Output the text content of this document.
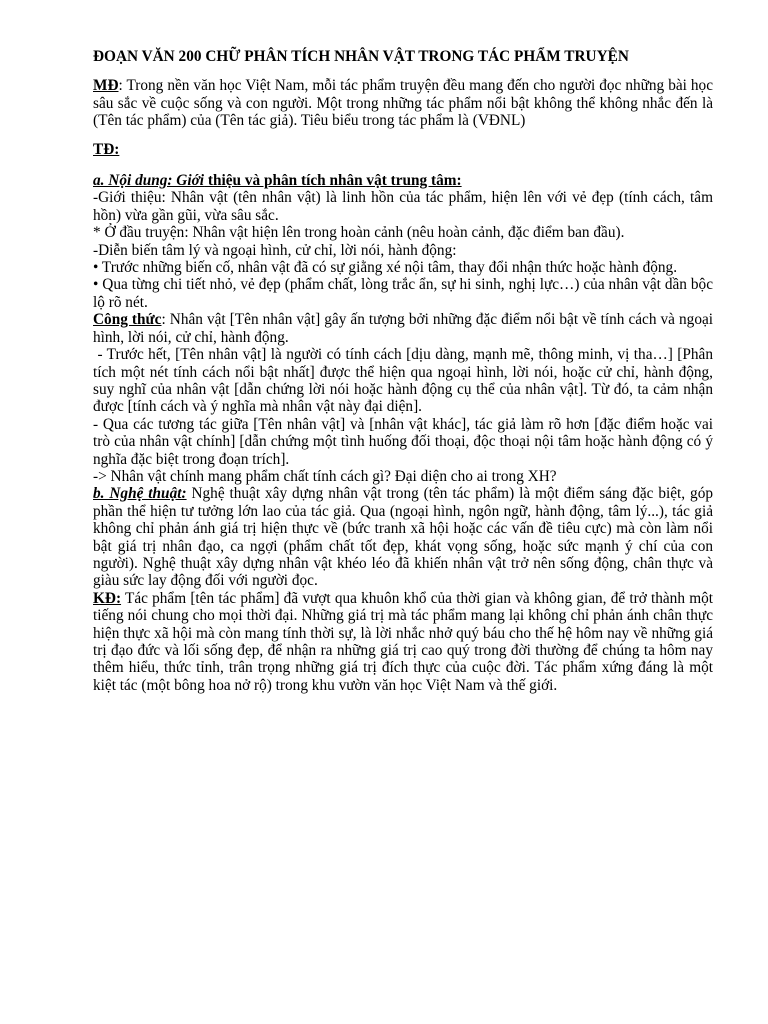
ĐOẠN VĂN 200 CHỮ PHÂN TÍCH NHÂN VẬT TRONG TÁC PHẨM TRUYỆN

MĐ: Trong nền văn học Việt Nam, mỗi tác phẩm truyện đều mang đến cho người đọc những bài học sâu sắc về cuộc sống và con người. Một trong những tác phẩm nổi bật không thể không nhắc đến là (Tên tác phẩm) của (Tên tác giả). Tiêu biểu trong tác phẩm là (VĐNL)

TĐ:

a. Nội dung: Giới thiệu và phân tích nhân vật trung tâm:

-Giới thiệu: Nhân vật (tên nhân vật) là linh hồn của tác phẩm, hiện lên với vẻ đẹp (tính cách, tâm hồn) vừa gần gũi, vừa sâu sắc.

* Ở đầu truyện: Nhân vật hiện lên trong hoàn cảnh (nêu hoàn cảnh, đặc điểm ban đầu).

-Diễn biến tâm lý và ngoại hình, cử chỉ, lời nói, hành động:

• Trước những biến cố, nhân vật đã có sự giằng xé nội tâm, thay đổi nhận thức hoặc hành động.

• Qua từng chi tiết nhỏ, vẻ đẹp (phẩm chất, lòng trắc ẩn, sự hi sinh, nghị lực…) của nhân vật dần bộc lộ rõ nét.

Công thức: Nhân vật [Tên nhân vật] gây ấn tượng bởi những đặc điểm nổi bật về tính cách và ngoại hình, lời nói, cử chỉ, hành động.

- Trước hết, [Tên nhân vật] là người có tính cách [dịu dàng, mạnh mẽ, thông minh, vị tha…] [Phân tích một nét tính cách nổi bật nhất] được thể hiện qua ngoại hình, lời nói, hoặc cử chỉ, hành động, suy nghĩ của nhân vật [dẫn chứng lời nói hoặc hành động cụ thể của nhân vật]. Từ đó, ta cảm nhận được [tính cách và ý nghĩa mà nhân vật này đại diện].

- Qua các tương tác giữa [Tên nhân vật] và [nhân vật khác], tác giả làm rõ hơn [đặc điểm hoặc vai trò của nhân vật chính] [dẫn chứng một tình huống đối thoại, độc thoại nội tâm hoặc hành động có ý nghĩa đặc biệt trong đoạn trích].

-> Nhân vật chính mang phẩm chất tính cách gì? Đại diện cho ai trong XH?

b. Nghệ thuật: Nghệ thuật xây dựng nhân vật trong (tên tác phẩm) là một điểm sáng đặc biệt, góp phần thể hiện tư tưởng lớn lao của tác giả. Qua (ngoại hình, ngôn ngữ, hành động, tâm lý...), tác giả không chỉ phản ánh giá trị hiện thực về (bức tranh xã hội hoặc các vấn đề tiêu cực) mà còn làm nổi bật giá trị nhân đạo, ca ngợi (phẩm chất tốt đẹp, khát vọng sống, hoặc sức mạnh ý chí của con người). Nghệ thuật xây dựng nhân vật khéo léo đã khiến nhân vật trở nên sống động, chân thực và giàu sức lay động đối với người đọc.

KĐ: Tác phẩm [tên tác phẩm] đã vượt qua khuôn khổ của thời gian và không gian, để trở thành một tiếng nói chung cho mọi thời đại. Những giá trị mà tác phẩm mang lại không chỉ phản ánh chân thực hiện thực xã hội mà còn mang tính thời sự, là lời nhắc nhở quý báu cho thế hệ hôm nay về những giá trị đạo đức và lối sống đẹp, để nhận ra những giá trị cao quý trong đời thường để chúng ta hôm nay thêm hiểu, thức tỉnh, trân trọng những giá trị đích thực của cuộc đời. Tác phẩm xứng đáng là một kiệt tác (một bông hoa nở rộ) trong khu vườn văn học Việt Nam và thế giới.
